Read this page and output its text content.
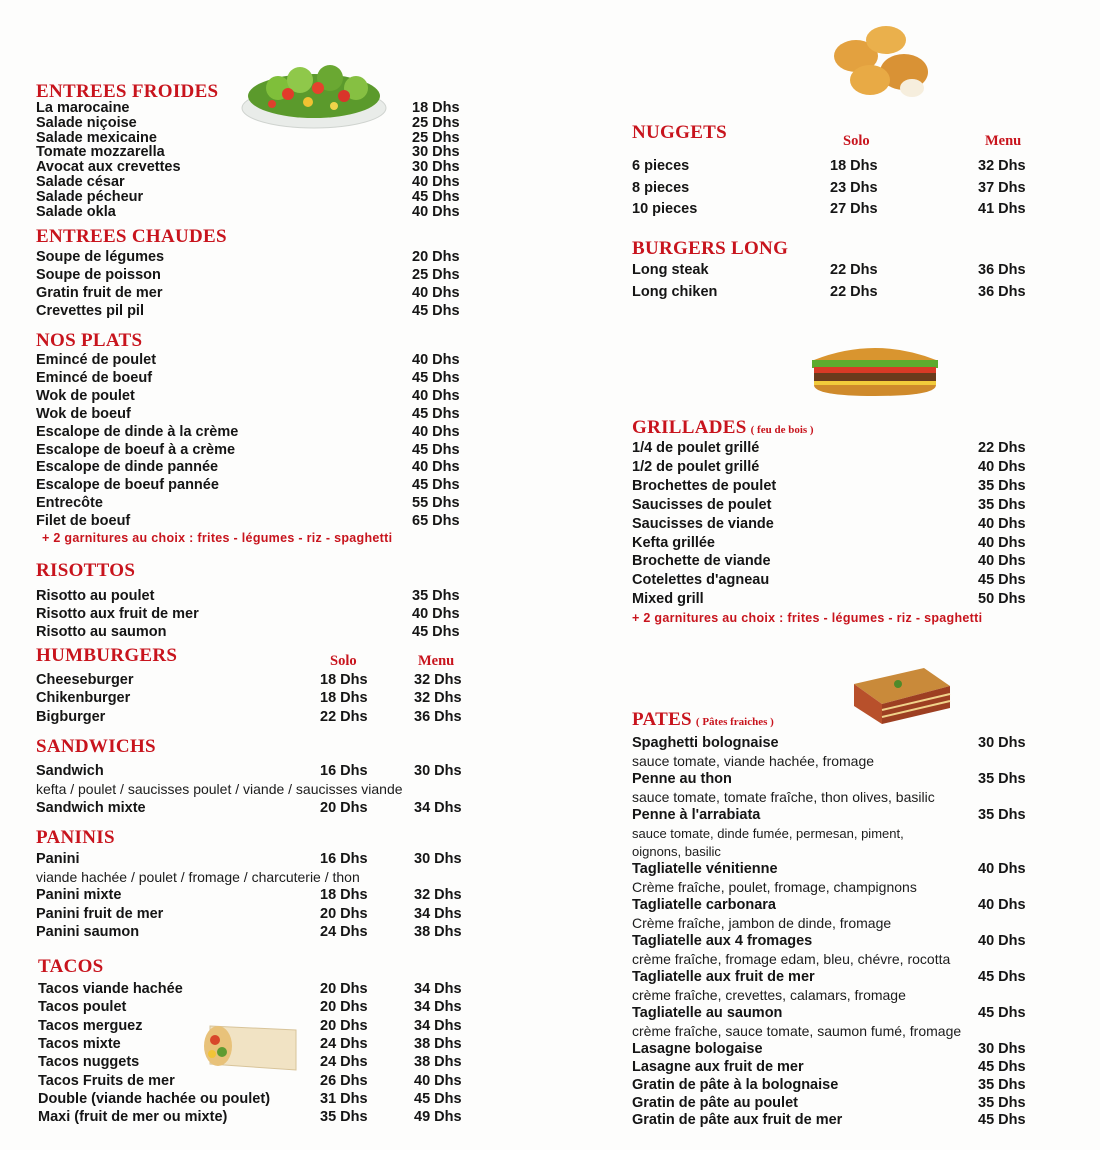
ENTREES FROIDES
La marocaine	18 Dhs
Salade niçoise	25 Dhs
Salade mexicaine	25 Dhs
Tomate mozzarella	30 Dhs
Avocat aux crevettes	30 Dhs
Salade césar	40 Dhs
Salade pécheur	45 Dhs
Salade okla	40 Dhs
ENTREES CHAUDES
Soupe de légumes	20 Dhs
Soupe de poisson	25 Dhs
Gratin fruit de mer	40 Dhs
Crevettes pil pil	45 Dhs
NOS PLATS
Emincé de poulet	40 Dhs
Emincé de boeuf	45 Dhs
Wok de poulet	40 Dhs
Wok de boeuf	45 Dhs
Escalope de dinde à la crème	40 Dhs
Escalope de boeuf à a crème	45 Dhs
Escalope de dinde pannée	40 Dhs
Escalope de boeuf pannée	45 Dhs
Entrecôte	55 Dhs
Filet de boeuf	65 Dhs
+ 2 garnitures au choix : frites - légumes - riz - spaghetti
RISOTTOS
Risotto au poulet	35 Dhs
Risotto aux fruit de mer	40 Dhs
Risotto au saumon	45 Dhs
HUMBURGERS	Solo	Menu
Cheeseburger	18 Dhs	32 Dhs
Chikenburger	18 Dhs	32 Dhs
Bigburger	22 Dhs	36 Dhs
SANDWICHS
Sandwich	16 Dhs	30 Dhs
kefta / poulet / saucisses poulet / viande / saucisses viande
Sandwich mixte	20 Dhs	34 Dhs
PANINIS
Panini	16 Dhs	30 Dhs
viande hachée / poulet / fromage / charcuterie / thon
Panini mixte	18 Dhs	32 Dhs
Panini fruit de mer	20 Dhs	34 Dhs
Panini saumon	24 Dhs	38 Dhs
TACOS
Tacos viande hachée	20 Dhs	34 Dhs
Tacos poulet	20 Dhs	34 Dhs
Tacos merguez	20 Dhs	34 Dhs
Tacos mixte	24 Dhs	38 Dhs
Tacos nuggets	24 Dhs	38 Dhs
Tacos Fruits de mer	26 Dhs	40 Dhs
Double (viande hachée ou poulet)	31 Dhs	45 Dhs
Maxi (fruit de mer ou mixte)	35 Dhs	49 Dhs
NUGGETS	Solo	Menu
6 pieces	18 Dhs	32 Dhs
8 pieces	23 Dhs	37 Dhs
10 pieces	27 Dhs	41 Dhs
BURGERS LONG
Long steak	22 Dhs	36 Dhs
Long chiken	22 Dhs	36 Dhs
GRILLADES ( feu de bois )
1/4 de poulet grillé	22 Dhs
1/2 de poulet grillé	40 Dhs
Brochettes de poulet	35 Dhs
Saucisses de poulet	35 Dhs
Saucisses de viande	40 Dhs
Kefta grillée	40 Dhs
Brochette de viande	40 Dhs
Cotelettes d'agneau	45 Dhs
Mixed grill	50 Dhs
+ 2 garnitures au choix : frites - légumes - riz - spaghetti
PATES ( Pâtes fraiches )
Spaghetti bolognaise	30 Dhs
sauce tomate, viande hachée, fromage
Penne au thon	35 Dhs
sauce tomate, tomate fraîche, thon olives, basilic
Penne à l'arrabiata	35 Dhs
sauce tomate, dinde fumée, permesan, piment,
oignons, basilic
Tagliatelle vénitienne	40 Dhs
Crème fraîche, poulet, fromage, champignons
Tagliatelle carbonara	40 Dhs
Crème fraîche, jambon de dinde, fromage
Tagliatelle aux 4 fromages	40 Dhs
crème fraîche, fromage edam, bleu, chévre, rocotta
Tagliatelle aux fruit de mer	45 Dhs
crème fraîche, crevettes, calamars, fromage
Tagliatelle au saumon	45 Dhs
crème fraîche, sauce tomate, saumon fumé, fromage
Lasagne bologaise	30 Dhs
Lasagne aux fruit de mer	45 Dhs
Gratin de pâte à la bolognaise	35 Dhs
Gratin de pâte au poulet	35 Dhs
Gratin de pâte aux fruit de mer	45 Dhs
